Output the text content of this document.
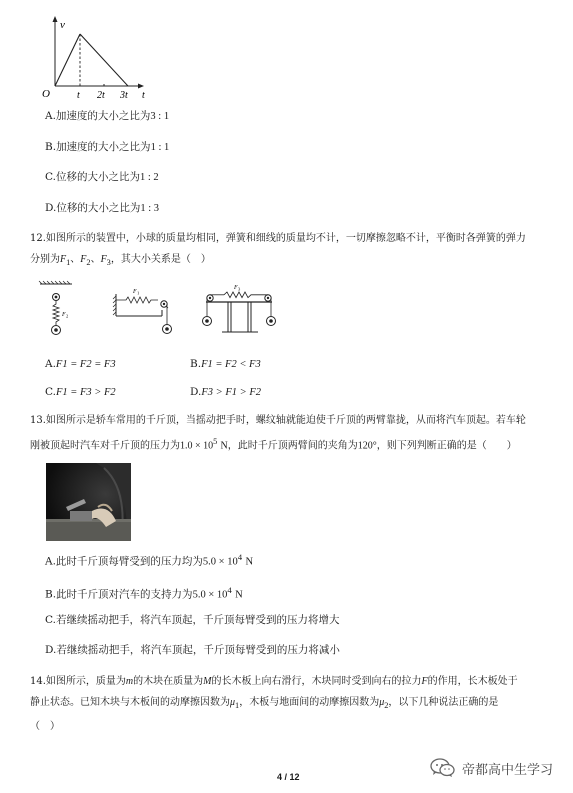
v
O	t 2t 3t t
A.加速度的大小之比为3 : 1
B.加速度的大小之比为1 : 1
C.位移的大小之比为1 : 2
D.位移的大小之比为1 : 3
12.如图所示的装置中，小球的质量均相同，弹簧和细线的质量均不计，一切摩擦忽略不计，平衡时各弹簧的弹力
分别为$F_1$、$F_2$、$F_3$，其大小关系是（　）
F 2
F 1
F 3
A.F1 = F2 = F3	B.F1 = F2 < F3
C.F1 = F3 > F2	D.F3 > F1 > F2
13.如图所示是轿车常用的千斤顶，当摇动把手时，螺纹轴就能迫使千斤顶的两臂靠拢，从而将汽车顶起。若车轮
刚被顶起时汽车对千斤顶的压力为$1.0 \times 10^5$ N，此时千斤顶两臂间的夹角为120°，则下列判断正确的是（　　）
A.此时千斤顶每臂受到的压力均为$5.0 \times 10^4$ N
B.此时千斤顶对汽车的支持力为$5.0 \times 10^4$ N
C.若继续摇动把手，将汽车顶起，千斤顶每臂受到的压力将增大
D.若继续摇动把手，将汽车顶起，千斤顶每臂受到的压力将减小
14.如图所示，质量为m的木块在质量为M的长木板上向右滑行，木块同时受到向右的拉力F的作用，长木板处于
静止状态。已知木块与木板间的动摩擦因数为$\mu_1$，木板与地面间的动摩擦因数为$\mu_2$，以下几种说法正确的是
（　）
4 / 12	帝都高中生学习
